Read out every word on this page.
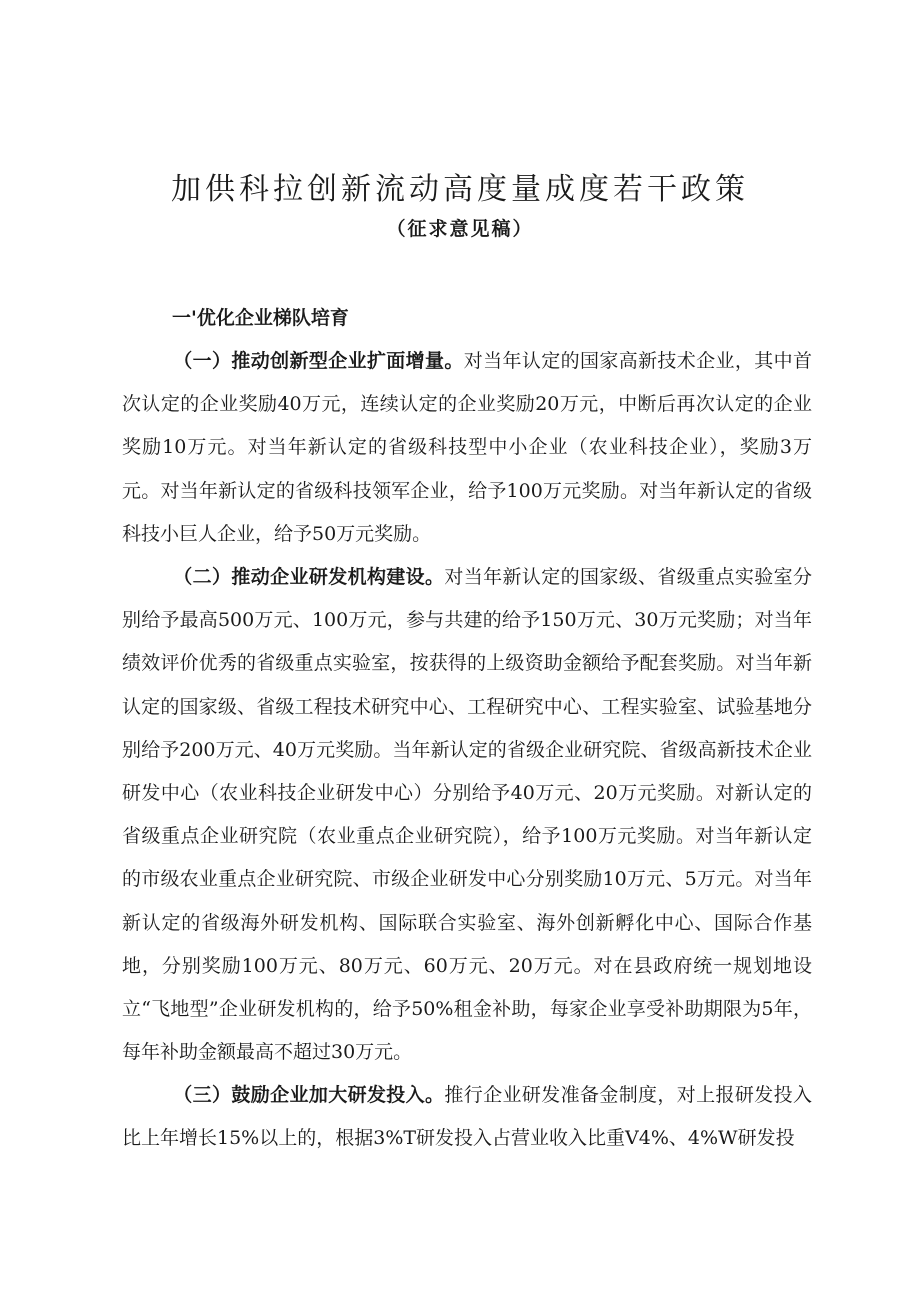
加供科拉创新流动高度量成度若干政策
（征求意见稿）
一'优化企业梯队培育

（一）推动创新型企业扩面增量。对当年认定的国家高新技术企业，其中首次认定的企业奖励40万元，连续认定的企业奖励20万元，中断后再次认定的企业奖励10万元。对当年新认定的省级科技型中小企业（农业科技企业），奖励3万元。对当年新认定的省级科技领军企业，给予100万元奖励。对当年新认定的省级科技小巨人企业，给予50万元奖励。

（二）推动企业研发机构建设。对当年新认定的国家级、省级重点实验室分别给予最高500万元、100万元，参与共建的给予150万元、30万元奖励；对当年绩效评价优秀的省级重点实验室，按获得的上级资助金额给予配套奖励。对当年新认定的国家级、省级工程技术研究中心、工程研究中心、工程实验室、试验基地分别给予200万元、40万元奖励。当年新认定的省级企业研究院、省级高新技术企业研发中心（农业科技企业研发中心）分别给予40万元、20万元奖励。对新认定的省级重点企业研究院（农业重点企业研究院），给予100万元奖励。对当年新认定的市级农业重点企业研究院、市级企业研发中心分别奖励10万元、5万元。对当年新认定的省级海外研发机构、国际联合实验室、海外创新孵化中心、国际合作基地，分别奖励100万元、80万元、60万元、20万元。对在县政府统一规划地设立“飞地型”企业研发机构的，给予50%租金补助，每家企业享受补助期限为5年，每年补助金额最高不超过30万元。

（三）鼓励企业加大研发投入。推行企业研发准备金制度，对上报研发投入比上年增长15%以上的，根据3%T研发投入占营业收入比重V4%、4%W研发投
